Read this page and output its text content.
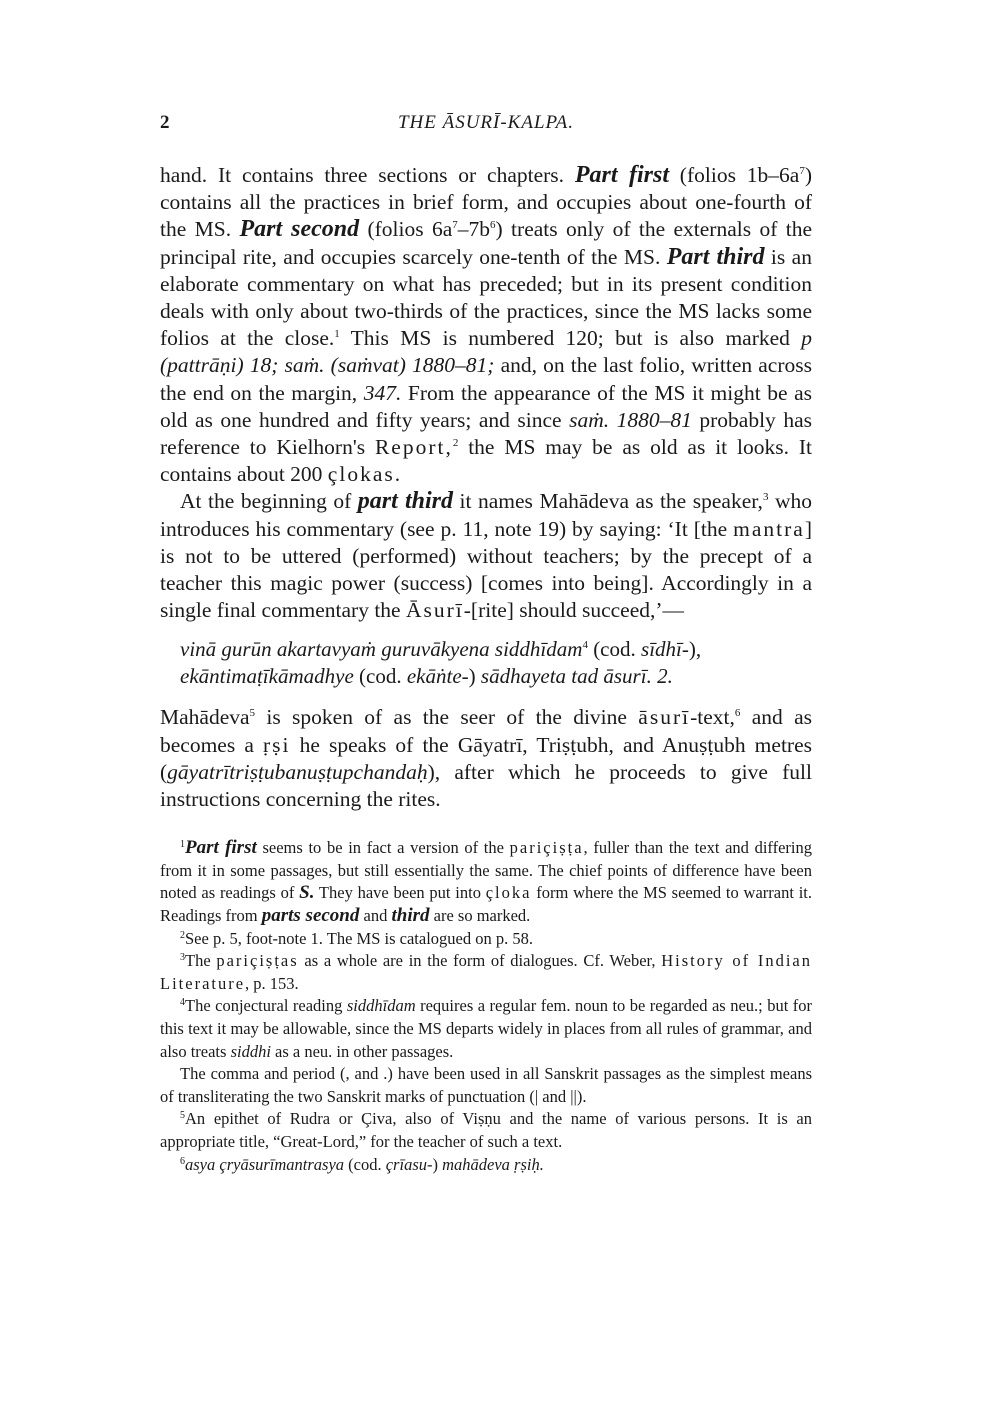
2	THE ĀSURĪ-KALPA.

hand. It contains three sections or chapters. Part first (folios $1b-6a^7$) contains all the practices in brief form, and occupies about one-fourth of the MS. Part second (folios $6a^7-7b^6$) treats only of the externals of the principal rite, and occupies scarcely one-tenth of the MS. Part third is an elaborate commentary on what has preceded; but in its present condition deals with only about two-thirds of the practices, since the MS lacks some folios at the close.$^1$ This MS is numbered 120; but is also marked p (pattrāṇi) 18; saṁ. (saṁvat) 1880–81; and, on the last folio, written across the end on the margin, 347. From the appearance of the MS it might be as old as one hundred and fifty years; and since saṁ. 1880–81 probably has reference to Kielhorn's Report,$^2$ the MS may be as old as it looks. It contains about 200 çlokas.

At the beginning of part third it names Mahādeva as the speaker,$^3$ who introduces his commentary (see p. 11, note 19) by saying: ‘It [the mantra] is not to be uttered (performed) without teachers; by the precept of a teacher this magic power (success) [comes into being]. Accordingly in a single final commentary the Āsurī-[rite] should succeed,’—

vinā gurūn akartavyaṁ guruvākyena siddhīdam$^4$ (cod. sīdhī-),
ekāntimaṭīkāmadhye (cod. ekāṅte-) sādhayeta tad āsurī. 2.

Mahādeva$^5$ is spoken of as the seer of the divine āsurī-text,$^6$ and as becomes a ṛṣi he speaks of the Gāyatrī, Triṣṭubh, and Anuṣṭubh metres (gāyatrītriṣṭubanuṣṭupchandaḥ), after which he proceeds to give full instructions concerning the rites.

$^1$Part first seems to be in fact a version of the pariçiṣṭa, fuller than the text and differing from it in some passages, but still essentially the same. The chief points of difference have been noted as readings of S. They have been put into çloka form where the MS seemed to warrant it. Readings from parts second and third are so marked.

$^2$See p. 5, foot-note 1. The MS is catalogued on p. 58.

$^3$The pariçiṣṭas as a whole are in the form of dialogues. Cf. Weber, History of Indian Literature, p. 153.

$^4$The conjectural reading siddhīdam requires a regular fem. noun to be regarded as neu.; but for this text it may be allowable, since the MS departs widely in places from all rules of grammar, and also treats siddhi as a neu. in other passages.

The comma and period (, and .) have been used in all Sanskrit passages as the simplest means of transliterating the two Sanskrit marks of punctuation (| and ||).

$^5$An epithet of Rudra or Çiva, also of Viṣṇu and the name of various persons. It is an appropriate title, “Great-Lord,” for the teacher of such a text.

$^6$asya çryāsurīmantrasya (cod. çrīasu-) mahādeva ṛṣiḥ.
